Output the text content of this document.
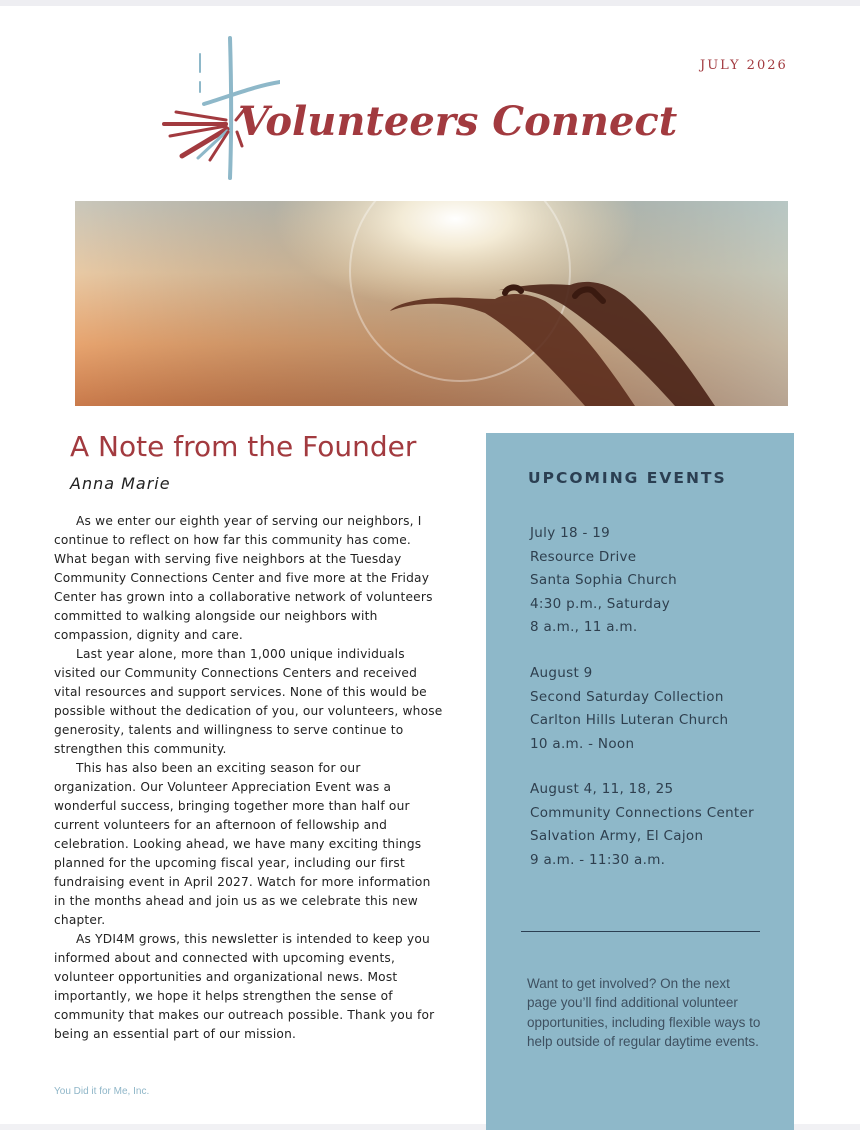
JULY 2026
Volunteers Connect
A Note from the Founder
Anna Marie

As we enter our eighth year of serving our neighbors, I continue to reflect on how far this community has come. What began with serving five neighbors at the Tuesday Community Connections Center and five more at the Friday Center has grown into a collaborative network of volunteers committed to walking alongside our neighbors with compassion, dignity and care.

Last year alone, more than 1,000 unique individuals visited our Community Connections Centers and received vital resources and support services. None of this would be possible without the dedication of you, our volunteers, whose generosity, talents and willingness to serve continue to strengthen this community.

This has also been an exciting season for our organization. Our Volunteer Appreciation Event was a wonderful success, bringing together more than half our current volunteers for an afternoon of fellowship and celebration. Looking ahead, we have many exciting things planned for the upcoming fiscal year, including our first fundraising event in April 2027. Watch for more information in the months ahead and join us as we celebrate this new chapter.

As YDI4M grows, this newsletter is intended to keep you informed about and connected with upcoming events, volunteer opportunities and organizational news. Most importantly, we hope it helps strengthen the sense of community that makes our outreach possible. Thank you for being an essential part of our mission.

You Did it for Me, Inc.
UPCOMING EVENTS
July 18 - 19
Resource Drive
Santa Sophia Church
4:30 p.m., Saturday
8 a.m., 11 a.m.
August 9
Second Saturday Collection
Carlton Hills Luteran Church
10 a.m. - Noon
August 4, 11, 18, 25
Community Connections Center
Salvation Army, El Cajon
9 a.m. - 11:30 a.m.
Want to get involved? On the next page you’ll find additional volunteer opportunities, including flexible ways to help outside of regular daytime events.
